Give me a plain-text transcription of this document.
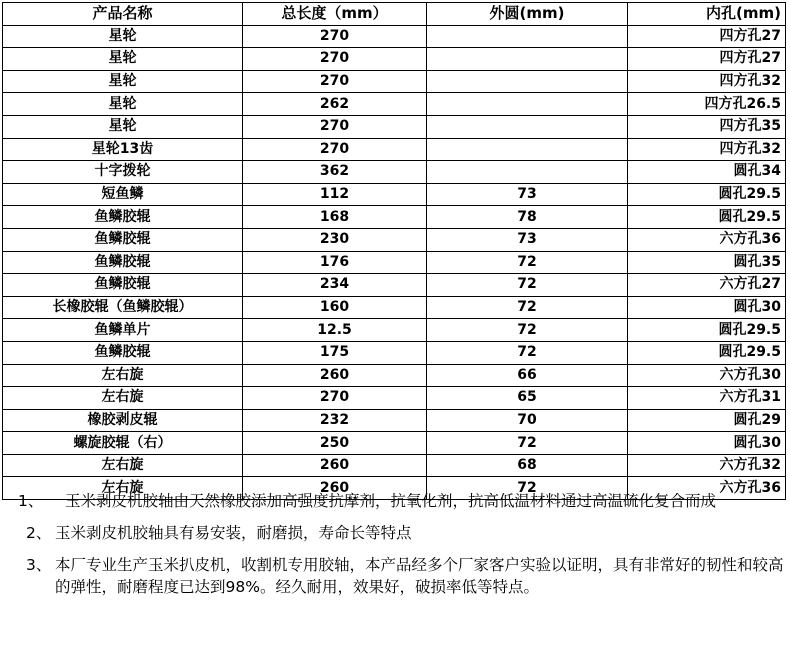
产品名称	总长度（mm）	外圆(mm)	内孔(mm)
星轮	270		四方孔27
星轮	270		四方孔27
星轮	270		四方孔32
星轮	262		四方孔26.5
星轮	270		四方孔35
星轮13齿	270		四方孔32
十字拨轮	362		圆孔34
短鱼鳞	112	73	圆孔29.5
鱼鳞胶辊	168	78	圆孔29.5
鱼鳞胶辊	230	73	六方孔36
鱼鳞胶辊	176	72	圆孔35
鱼鳞胶辊	234	72	六方孔27
长橡胶辊（鱼鳞胶辊）	160	72	圆孔30
鱼鳞单片	12.5	72	圆孔29.5
鱼鳞胶辊	175	72	圆孔29.5
左右旋	260	66	六方孔30
左右旋	270	65	六方孔31
橡胶剥皮辊	232	70	圆孔29
螺旋胶辊（右）	250	72	圆孔30
左右旋	260	68	六方孔32
左右旋	260	72	六方孔36

1、 玉米剥皮机胶轴由天然橡胶添加高强度抗摩剂，抗氧化剂，抗高低温材料通过高温硫化复合而成

2、 玉米剥皮机胶轴具有易安装，耐磨损，寿命长等特点

3、 本厂专业生产玉米扒皮机，收割机专用胶轴，本产品经多个厂家客户实验以证明，具有非常好的韧性和较高的弹性，耐磨程度已达到98%。经久耐用，效果好，破损率低等特点。
